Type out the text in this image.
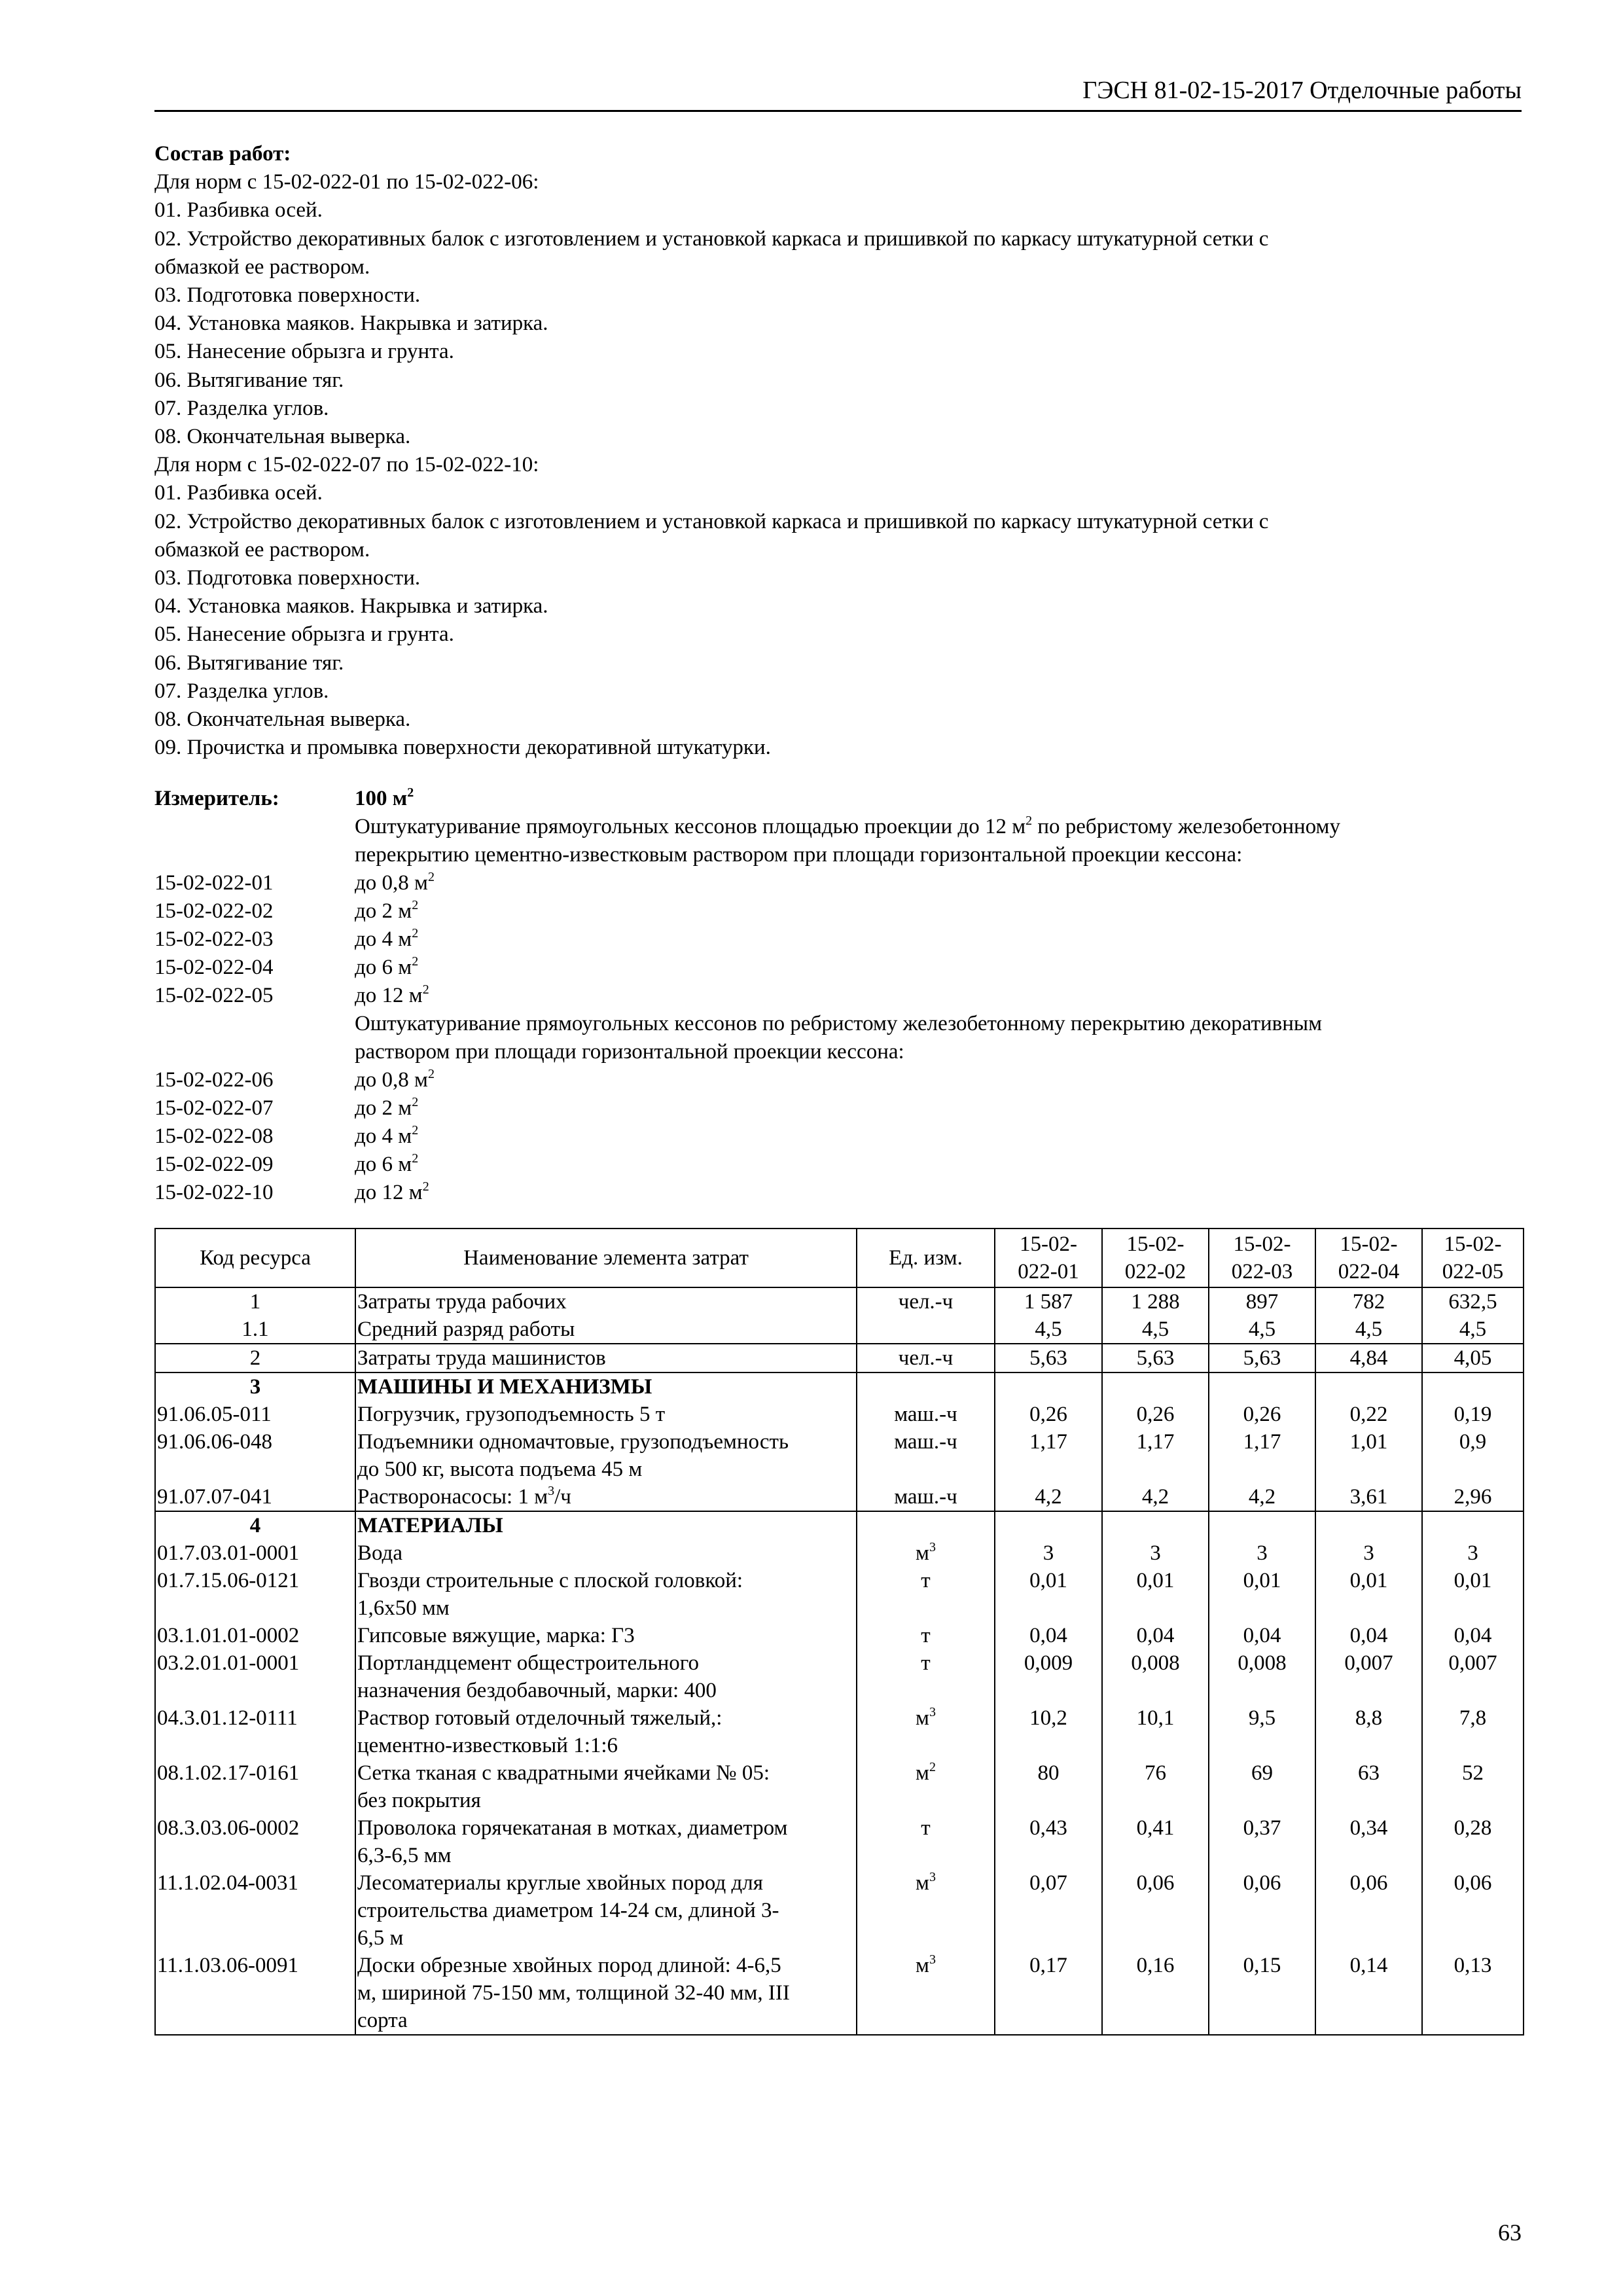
ГЭСН 81-02-15-2017 Отделочные работы
Состав работ:
Для норм с 15-02-022-01 по 15-02-022-06:
01. Разбивка осей.
02. Устройство декоративных балок с изготовлением и установкой каркаса и пришивкой по каркасу штукатурной сетки с
обмазкой ее раствором.
03. Подготовка поверхности.
04. Установка маяков. Накрывка и затирка.
05. Нанесение обрызга и грунта.
06. Вытягивание тяг.
07. Разделка углов.
08. Окончательная выверка.
Для норм с 15-02-022-07 по 15-02-022-10:
01. Разбивка осей.
02. Устройство декоративных балок с изготовлением и установкой каркаса и пришивкой по каркасу штукатурной сетки с
обмазкой ее раствором.
03. Подготовка поверхности.
04. Установка маяков. Накрывка и затирка.
05. Нанесение обрызга и грунта.
06. Вытягивание тяг.
07. Разделка углов.
08. Окончательная выверка.
09. Прочистка и промывка поверхности декоративной штукатурки.
Измеритель:	100 $м^2$
Оштукатуривание прямоугольных кессонов площадью проекции до 12 $м^2$ по ребристому железобетонному
перекрытию цементно-известковым раствором при площади горизонтальной проекции кессона:
15-02-022-01	до 0,8 $м^2$
15-02-022-02	до 2 $м^2$
15-02-022-03	до 4 $м^2$
15-02-022-04	до 6 $м^2$
15-02-022-05	до 12 $м^2$
Оштукатуривание прямоугольных кессонов по ребристому железобетонному перекрытию декоративным
раствором при площади горизонтальной проекции кессона:
15-02-022-06	до 0,8 $м^2$
15-02-022-07	до 2 $м^2$
15-02-022-08	до 4 $м^2$
15-02-022-09	до 6 $м^2$
15-02-022-10	до 12 $м^2$
Код ресурса	Наименование элемента затрат	Ед. изм.	15-02-
022-01	15-02-
022-02	15-02-
022-03	15-02-
022-04	15-02-
022-05
1	Затраты труда рабочих	чел.-ч	1 587	1 288	897	782	632,5
1.1	Средний разряд работы		4,5	4,5	4,5	4,5	4,5
2	Затраты труда машинистов	чел.-ч	5,63	5,63	5,63	4,84	4,05
3	МАШИНЫ И МЕХАНИЗМЫ						
91.06.05-011	Погрузчик, грузоподъемность 5 т	маш.-ч	0,26	0,26	0,26	0,22	0,19
91.06.06-048	Подъемники одномачтовые, грузоподъемность
до 500 кг, высота подъема 45 м	маш.-ч	1,17	1,17	1,17	1,01	0,9
91.07.07-041	Растворонасосы: 1 $м^3/ч$	маш.-ч	4,2	4,2	4,2	3,61	2,96
4	МАТЕРИАЛЫ						
01.7.03.01-0001	Вода	$м^3$	3	3	3	3	3
01.7.15.06-0121	Гвозди строительные с плоской головкой:
1,6x50 мм	т	0,01	0,01	0,01	0,01	0,01
03.1.01.01-0002	Гипсовые вяжущие, марка: Г3	т	0,04	0,04	0,04	0,04	0,04
03.2.01.01-0001	Портландцемент общестроительного
назначения бездобавочный, марки: 400	т	0,009	0,008	0,008	0,007	0,007
04.3.01.12-0111	Раствор готовый отделочный тяжелый,:
цементно-известковый 1:1:6	$м^3$	10,2	10,1	9,5	8,8	7,8
08.1.02.17-0161	Сетка тканая с квадратными ячейками № 05:
без покрытия	$м^2$	80	76	69	63	52
08.3.03.06-0002	Проволока горячекатаная в мотках, диаметром
6,3-6,5 мм	т	0,43	0,41	0,37	0,34	0,28
11.1.02.04-0031	Лесоматериалы круглые хвойных пород для
строительства диаметром 14-24 см, длиной 3-
6,5 м	$м^3$	0,07	0,06	0,06	0,06	0,06
11.1.03.06-0091	Доски обрезные хвойных пород длиной: 4-6,5
м, шириной 75-150 мм, толщиной 32-40 мм, III
сорта	$м^3$	0,17	0,16	0,15	0,14	0,13
63
